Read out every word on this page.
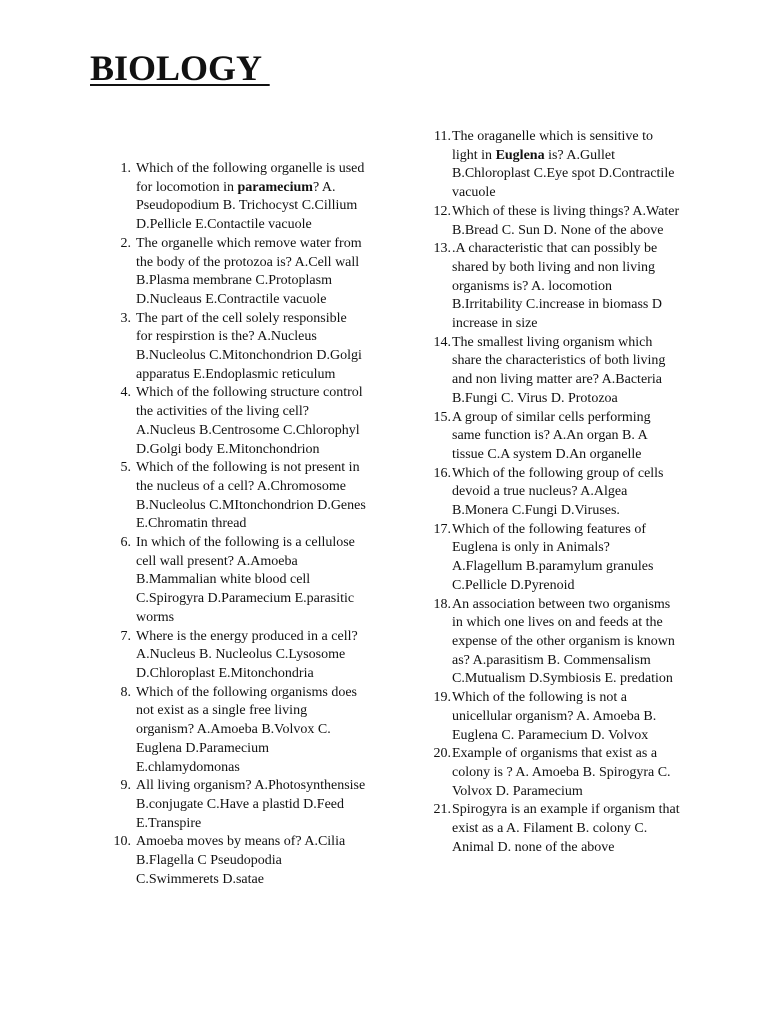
BIOLOGY
1. Which of the following organelle is used for locomotion in paramecium? A. Pseudopodium B. Trichocyst C.Cillium D.Pellicle E.Contactile vacuole
2. The organelle which remove water from the body of the protozoa is? A.Cell wall B.Plasma membrane C.Protoplasm D.Nucleaus E.Contractile vacuole
3. The part of the cell solely responsible for respirstion is the? A.Nucleus B.Nucleolus C.Mitonchondrion D.Golgi apparatus E.Endoplasmic reticulum
4. Which of the following structure control the activities of the living cell? A.Nucleus B.Centrosome C.Chlorophyl D.Golgi body E.Mitonchondrion
5. Which of the following is not present in the nucleus of a cell? A.Chromosome B.Nucleolus C.MItonchondrion D.Genes E.Chromatin thread
6. In which of the following is a cellulose cell wall present? A.Amoeba B.Mammalian white blood cell C.Spirogyra D.Paramecium E.parasitic worms
7. Where is the energy produced in a cell? A.Nucleus B. Nucleolus C.Lysosome D.Chloroplast E.Mitonchondria
8. Which of the following organisms does not exist as a single free living organism? A.Amoeba B.Volvox C. Euglena D.Paramecium E.chlamydomonas
9. All living organism? A.Photosynthensise B.conjugate C.Have a plastid D.Feed E.Transpire
10. Amoeba moves by means of? A.Cilia B.Flagella C Pseudopodia C.Swimmerets D.satae
11. The oraganelle which is sensitive to light in Euglena is? A.Gullet B.Chloroplast C.Eye spot D.Contractile vacuole
12. Which of these is living things? A.Water B.Bread C. Sun D. None of the above
13. .A characteristic that can possibly be shared by both living and non living organisms is? A. locomotion B.Irritability C.increase in biomass D increase in size
14. The smallest living organism which share the characteristics of both living and non living matter are? A.Bacteria B.Fungi C. Virus D. Protozoa
15. A group of similar cells performing same function is? A.An organ B. A tissue C.A system D.An organelle
16. Which of the following group of cells devoid a true nucleus? A.Algea B.Monera C.Fungi D.Viruses.
17. Which of the following features of Euglena is only in Animals? A.Flagellum B.paramylum granules C.Pellicle D.Pyrenoid
18. An association between two organisms in which one lives on and feeds at the expense of the other organism is known as? A.parasitism B. Commensalism C.Mutualism D.Symbiosis E. predation
19. Which of the following is not a unicellular organism? A. Amoeba B. Euglena C. Paramecium D. Volvox
20. Example of organisms that exist as a colony is ? A. Amoeba B. Spirogyra C. Volvox D. Paramecium
21. Spirogyra is an example if organism that exist as a A. Filament B. colony C. Animal D. none of the above
